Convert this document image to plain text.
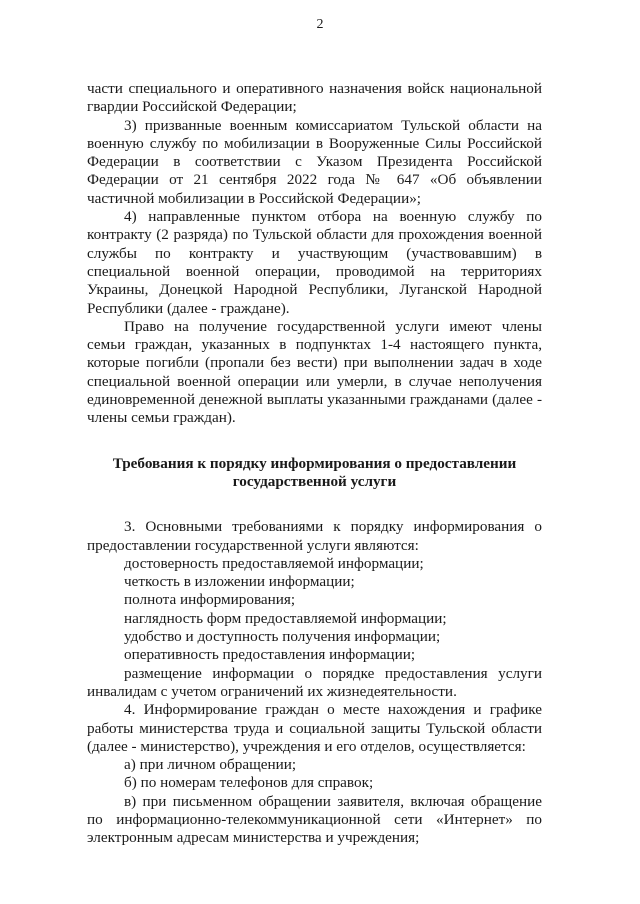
2

части специального и оперативного назначения войск национальной гвардии Российской Федерации;

3) призванные военным комиссариатом Тульской области на военную службу по мобилизации в Вооруженные Силы Российской Федерации в соответствии с Указом Президента Российской Федерации от 21 сентября 2022 года № 647 «Об объявлении частичной мобилизации в Российской Федерации»;

4) направленные пунктом отбора на военную службу по контракту (2 разряда) по Тульской области для прохождения военной службы по контракту и участвующим (участвовавшим) в специальной военной операции, проводимой на территориях Украины, Донецкой Народной Республики, Луганской Народной Республики (далее - граждане).

Право на получение государственной услуги имеют члены семьи граждан, указанных в подпунктах 1-4 настоящего пункта, которые погибли (пропали без вести) при выполнении задач в ходе специальной военной операции или умерли, в случае неполучения единовременной денежной выплаты указанными гражданами (далее - члены семьи граждан).

Требования к порядку информирования о предоставлении государственной услуги

3. Основными требованиями к порядку информирования о предоставлении государственной услуги являются:

достоверность предоставляемой информации;

четкость в изложении информации;

полнота информирования;

наглядность форм предоставляемой информации;

удобство и доступность получения информации;

оперативность предоставления информации;

размещение информации о порядке предоставления услуги инвалидам с учетом ограничений их жизнедеятельности.

4. Информирование граждан о месте нахождения и графике работы министерства труда и социальной защиты Тульской области (далее - министерство), учреждения и его отделов, осуществляется:

а) при личном обращении;

б) по номерам телефонов для справок;

в) при письменном обращении заявителя, включая обращение по информационно-телекоммуникационной сети «Интернет» по электронным адресам министерства и учреждения;
